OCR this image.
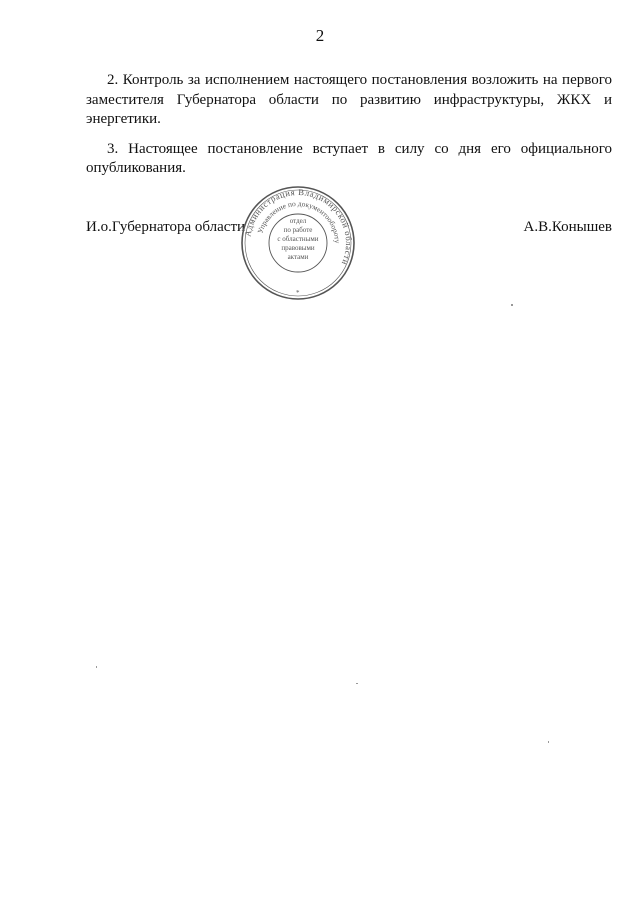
2

2. Контроль за исполнением настоящего постановления возложить на первого заместителя Губернатора области по развитию инфраструктуры, ЖКХ и энергетики.

3. Настоящее постановление вступает в силу со дня его официального опубликования.

И.о.Губернатора области	А.В.Конышев
Администрация Владимирской области
Управление по документообороту
отдел
по работе
с областными
правовыми
актами
*
